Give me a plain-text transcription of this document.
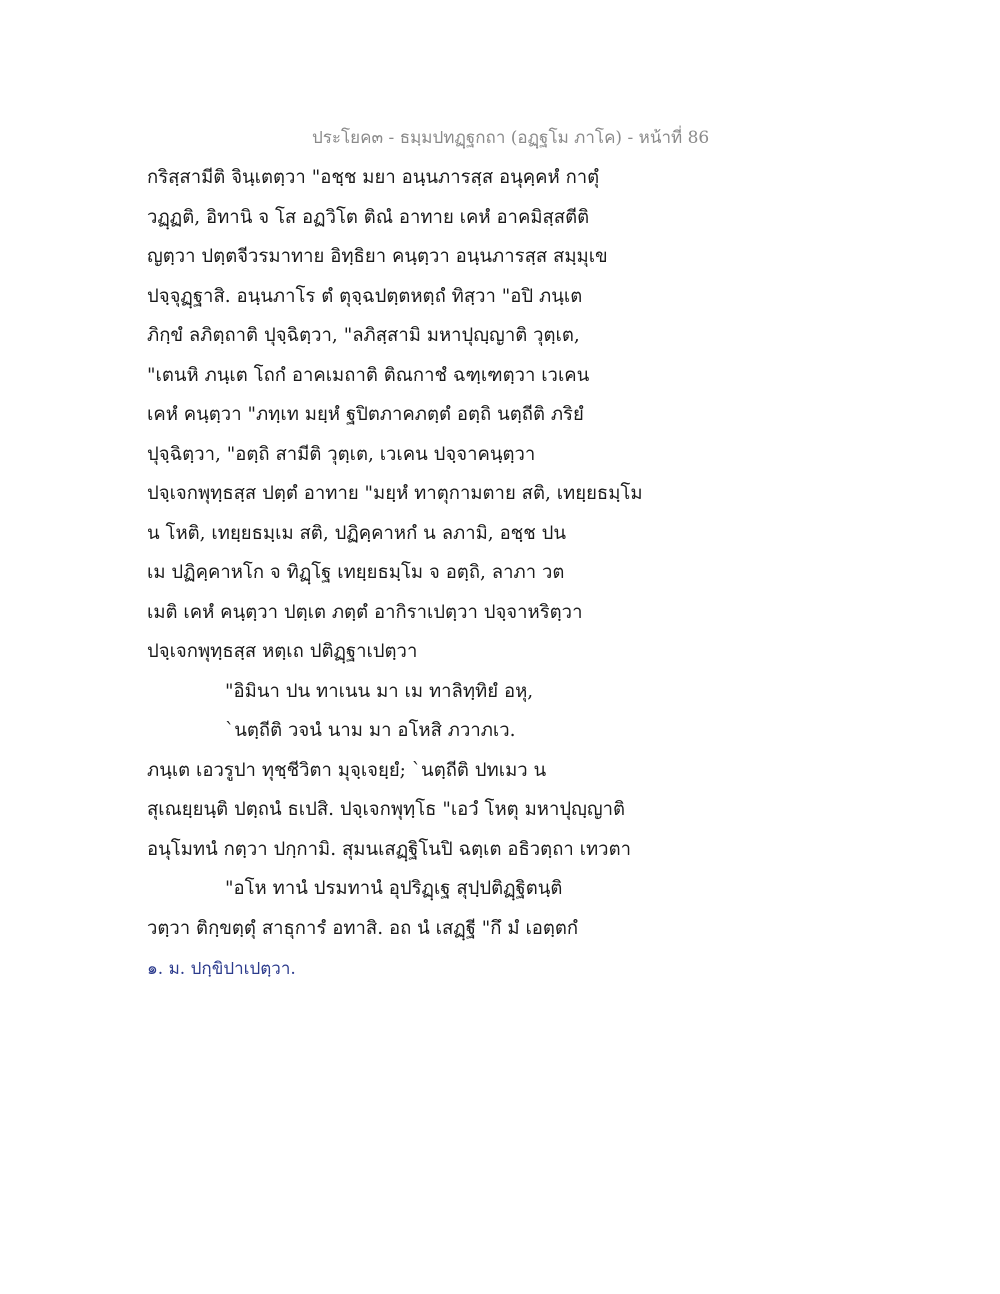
ประโยค๓ - ธมฺมปทฏฺฐกถา (อฏฺฐโม ภาโค) - หน้าที่ 86
กริสฺสามีติ จินฺเตตฺวา "อชฺช มยา อนฺนภารสฺส อนุคฺคหํ กาตุํ
วฏฺฏติ, อิทานิ จ โส อฏวิโต ติณํ อาทาย เคหํ อาคมิสฺสตีติ
ญตฺวา ปตฺตจีวรมาทาย อิทฺธิยา คนฺตฺวา อนฺนภารสฺส สมฺมุเข
ปจฺจุฏฺฐาสิ. อนฺนภาโร ตํ ตุจฺฉปตฺตหตฺถํ ทิสฺวา "อปิ ภนฺเต
ภิกฺขํ ลภิตฺถาติ ปุจฺฉิตฺวา, "ลภิสฺสามิ มหาปุญฺญาติ วุตฺเต,
"เตนหิ ภนฺเต โถกํ อาคเมถาติ ติณกาชํ ฉฑฺเฑตฺวา เวเคน
เคหํ คนฺตฺวา "ภทฺเท มยฺหํ ฐปิตภาคภตฺตํ อตฺถิ นตฺถีติ ภริยํ
ปุจฺฉิตฺวา, "อตฺถิ สามีติ วุตฺเต, เวเคน ปจฺจาคนฺตฺวา
ปจฺเจกพุทฺธสฺส ปตฺตํ อาทาย "มยฺหํ ทาตุกามตาย สติ, เทยฺยธมฺโม
น โหติ, เทยฺยธมฺเม สติ, ปฏิคฺคาหกํ น ลภามิ, อชฺช ปน
เม ปฏิคฺคาหโก จ ทิฏฺโฐ เทยฺยธมฺโม จ อตฺถิ, ลาภา วต
เมติ เคหํ คนฺตฺวา ปตฺเต ภตฺตํ อากิราเปตฺวา ปจฺจาหริตฺวา
ปจฺเจกพุทฺธสฺส หตฺเถ ปติฏฺฐาเปตฺวา
"อิมินา ปน ทาเนน มา เม ทาลิทฺทิยํ อหุ,
`นตฺถีติ วจนํ นาม มา อโหสิ ภวาภเว.
ภนฺเต เอวรูปา ทุชฺชีวิตา มุจฺเจยฺยํ; `นตฺถีติ ปทเมว น
สุเณยฺยนฺติ ปตฺถนํ ธเปสิ. ปจฺเจกพุทฺโธ "เอวํ โหตุ มหาปุญฺญาติ
อนุโมทนํ กตฺวา ปกฺกามิ. สุมนเสฏฺฐิโนปิ ฉตฺเต อธิวตฺถา เทวตา
"อโห ทานํ ปรมทานํ อุปริฏฺเฐ สุปฺปติฏฺฐิตนฺติ
วตฺวา ติกฺขตฺตุํ สาธุการํ อทาสิ. อถ นํ เสฏฺฐี "กึ มํ เอตฺตกํ
๑. ม. ปกฺขิปาเปตฺวา.
